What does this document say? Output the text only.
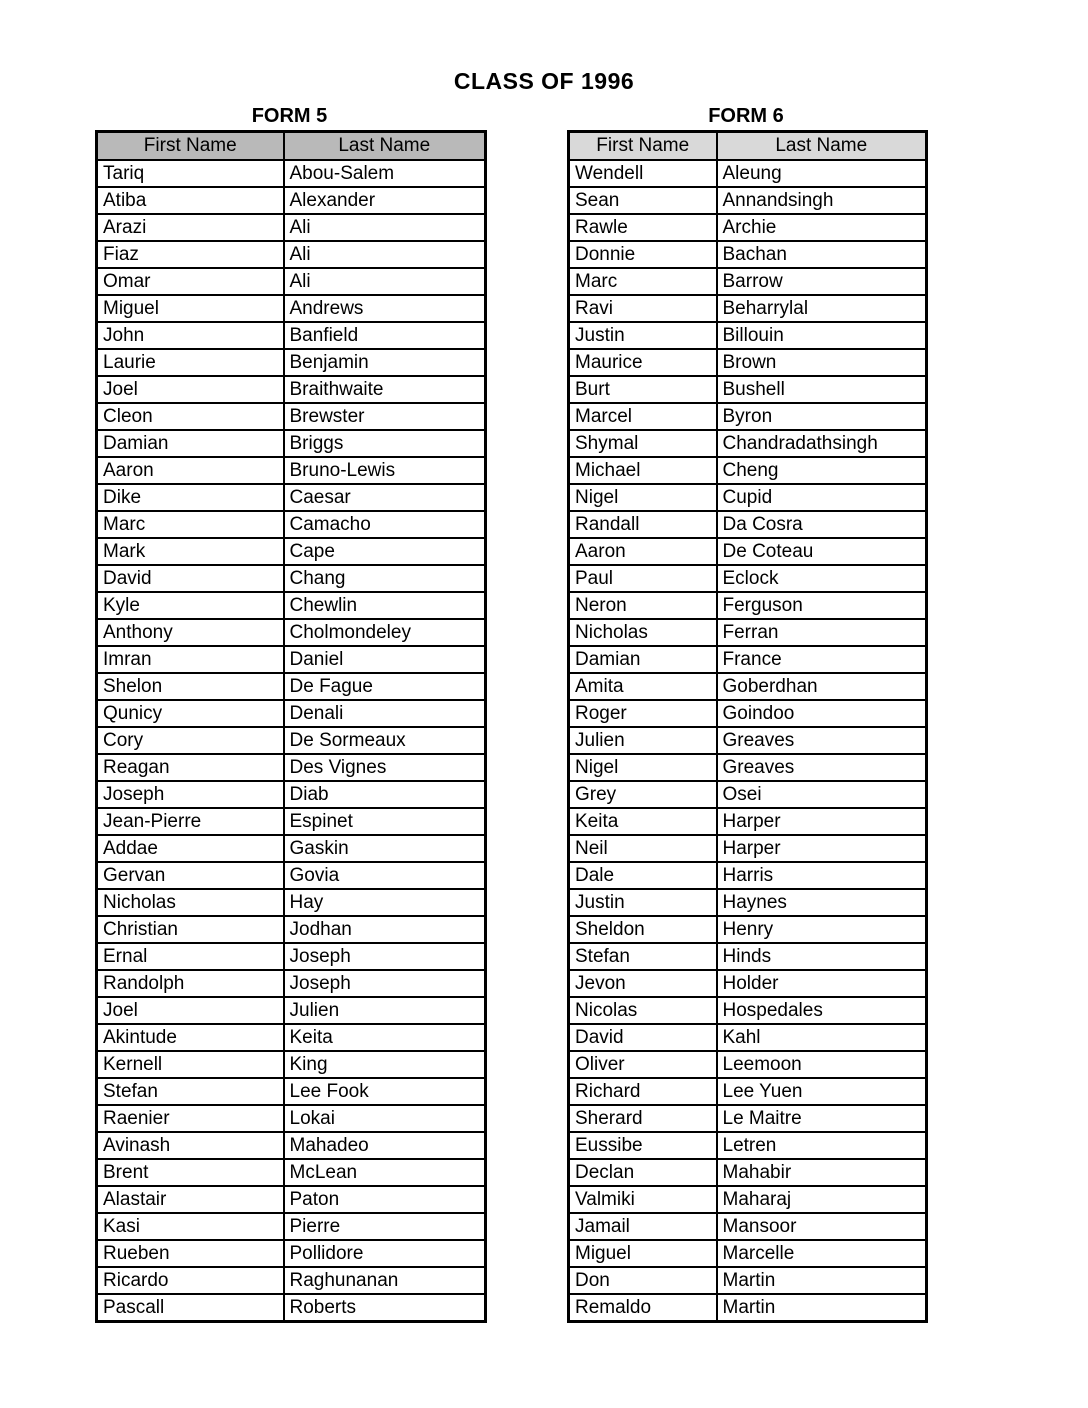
CLASS OF 1996
FORM 5
First Name	Last Name
Tariq	Abou-Salem
Atiba	Alexander
Arazi	Ali
Fiaz	Ali
Omar	Ali
Miguel	Andrews
John	Banfield
Laurie	Benjamin
Joel	Braithwaite
Cleon	Brewster
Damian	Briggs
Aaron	Bruno-Lewis
Dike	Caesar
Marc	Camacho
Mark	Cape
David	Chang
Kyle	Chewlin
Anthony	Cholmondeley
Imran	Daniel
Shelon	De Fague
Qunicy	Denali
Cory	De Sormeaux
Reagan	Des Vignes
Joseph	Diab
Jean-Pierre	Espinet
Addae	Gaskin
Gervan	Govia
Nicholas	Hay
Christian	Jodhan
Ernal	Joseph
Randolph	Joseph
Joel	Julien
Akintude	Keita
Kernell	King
Stefan	Lee Fook
Raenier	Lokai
Avinash	Mahadeo
Brent	McLean
Alastair	Paton
Kasi	Pierre
Rueben	Pollidore
Ricardo	Raghunanan
Pascall	Roberts
FORM 6
First Name	Last Name
Wendell	Aleung
Sean	Annandsingh
Rawle	Archie
Donnie	Bachan
Marc	Barrow
Ravi	Beharrylal
Justin	Billouin
Maurice	Brown
Burt	Bushell
Marcel	Byron
Shymal	Chandradathsingh
Michael	Cheng
Nigel	Cupid
Randall	Da Cosra
Aaron	De Coteau
Paul	Eclock
Neron	Ferguson
Nicholas	Ferran
Damian	France
Amita	Goberdhan
Roger	Goindoo
Julien	Greaves
Nigel	Greaves
Grey	Osei
Keita	Harper
Neil	Harper
Dale	Harris
Justin	Haynes
Sheldon	Henry
Stefan	Hinds
Jevon	Holder
Nicolas	Hospedales
David	Kahl
Oliver	Leemoon
Richard	Lee Yuen
Sherard	Le Maitre
Eussibe	Letren
Declan	Mahabir
Valmiki	Maharaj
Jamail	Mansoor
Miguel	Marcelle
Don	Martin
Remaldo	Martin
